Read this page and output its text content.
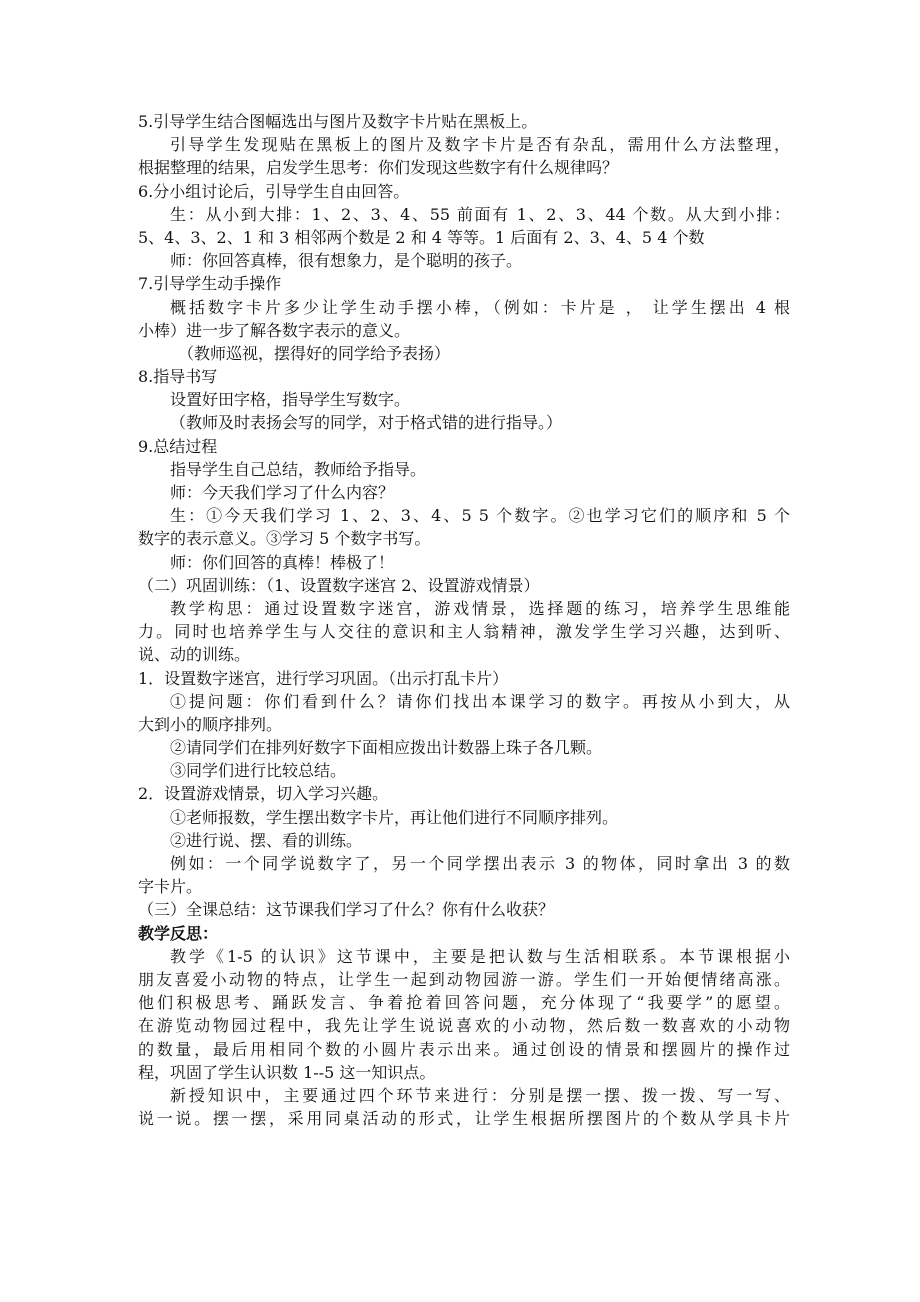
5.引导学生结合图幅选出与图片及数字卡片贴在黑板上。
引导学生发现贴在黑板上的图片及数字卡片是否有杂乱，需用什么方法整理，
根据整理的结果，启发学生思考：你们发现这些数字有什么规律吗？
6.分小组讨论后，引导学生自由回答。
生：从小到大排：1、2、3、4、55 前面有 1、2、3、44 个数。从大到小排：
5、4、3、2、1 和 3 相邻两个数是 2 和 4 等等。1 后面有 2、3、4、5 4 个数
师：你回答真棒，很有想象力，是个聪明的孩子。
7.引导学生动手操作
概括数字卡片多少让学生动手摆小棒，（例如：卡片是 ， 让学生摆出 4 根
小棒）进一步了解各数字表示的意义。
（教师巡视，摆得好的同学给予表扬）
8.指导书写
设置好田字格，指导学生写数字。
（教师及时表扬会写的同学，对于格式错的进行指导。）
9.总结过程
指导学生自己总结，教师给予指导。
师：今天我们学习了什么内容？
生：①今天我们学习 1、2、3、4、5 5 个数字。②也学习它们的顺序和 5 个
数字的表示意义。③学习 5 个数字书写。
师：你们回答的真棒！棒极了！
（二）巩固训练：（1、设置数字迷宫 2、设置游戏情景）
教学构思：通过设置数字迷宫，游戏情景，选择题的练习，培养学生思维能
力。同时也培养学生与人交往的意识和主人翁精神，激发学生学习兴趣，达到听、
说、动的训练。
1．设置数字迷宫，进行学习巩固。（出示打乱卡片）
①提问题：你们看到什么？请你们找出本课学习的数字。再按从小到大，从
大到小的顺序排列。
②请同学们在排列好数字下面相应拨出计数器上珠子各几颗。
③同学们进行比较总结。
2．设置游戏情景，切入学习兴趣。
①老师报数，学生摆出数字卡片，再让他们进行不同顺序排列。
②进行说、摆、看的训练。
例如：一个同学说数字了，另一个同学摆出表示 3 的物体，同时拿出 3 的数
字卡片。
（三）全课总结：这节课我们学习了什么？你有什么收获？
教学反思：
教学《1-5 的认识》这节课中，主要是把认数与生活相联系。本节课根据小
朋友喜爱小动物的特点，让学生一起到动物园游一游。学生们一开始便情绪高涨。
他们积极思考、踊跃发言、争着抢着回答问题，充分体现了“我要学”的愿望。
在游览动物园过程中，我先让学生说说喜欢的小动物，然后数一数喜欢的小动物
的数量，最后用相同个数的小圆片表示出来。通过创设的情景和摆圆片的操作过
程，巩固了学生认识数 1--5 这一知识点。
新授知识中，主要通过四个环节来进行：分别是摆一摆、拨一拨、写一写、
说一说。摆一摆，采用同桌活动的形式，让学生根据所摆图片的个数从学具卡片
